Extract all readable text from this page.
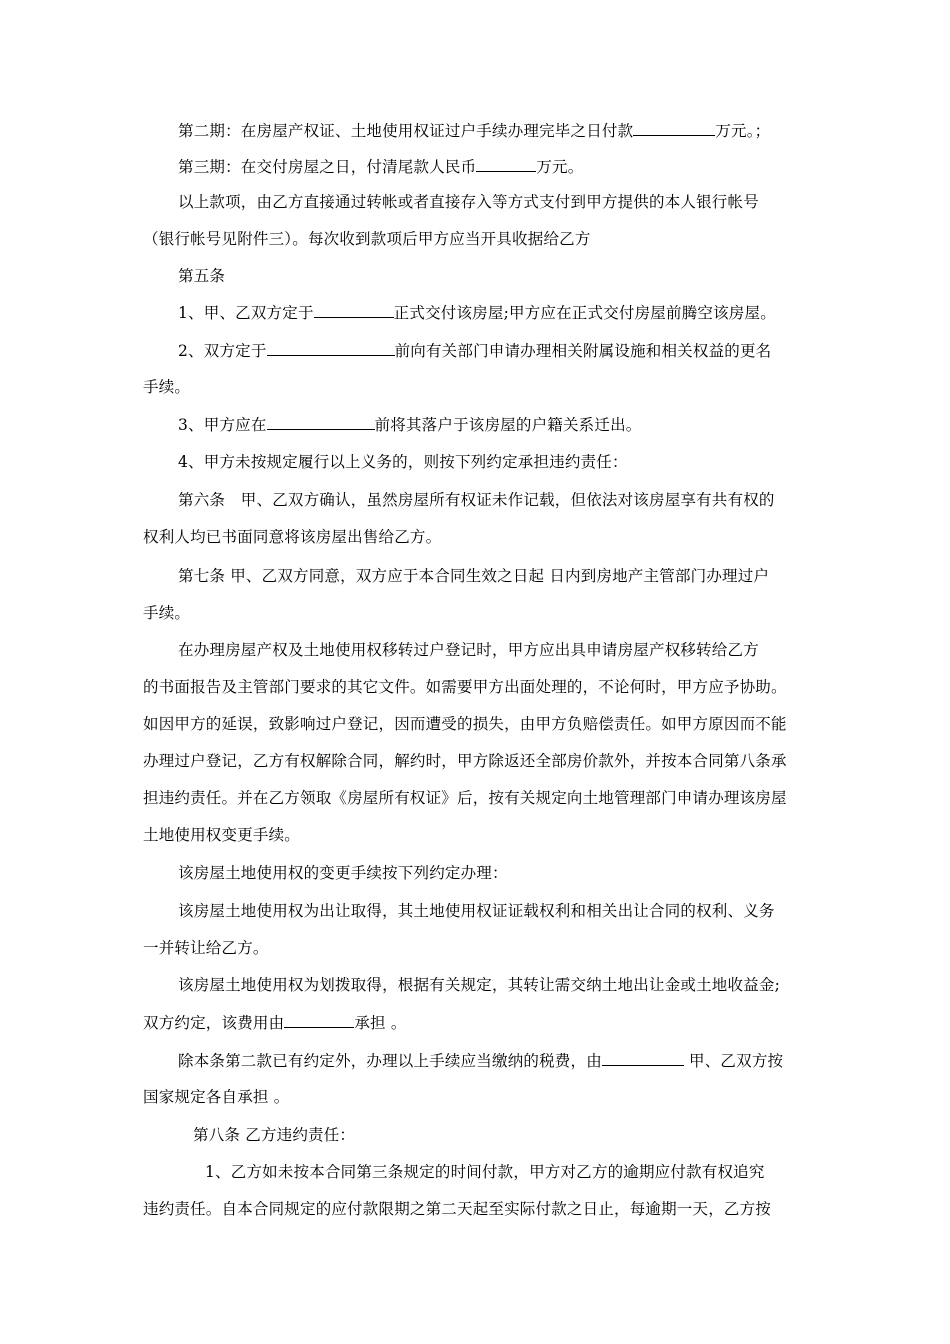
第二期：在房屋产权证、土地使用权证过户手续办理完毕之日付款	万元。；
第三期：在交付房屋之日，付清尾款人民币	万元。
以上款项，由乙方直接通过转帐或者直接存入等方式支付到甲方提供的本人银行帐号
（银行帐号见附件三）。每次收到款项后甲方应当开具收据给乙方
第五条
1、甲、乙双方定于	正式交付该房屋;甲方应在正式交付房屋前腾空该房屋。
2、双方定于	前向有关部门申请办理相关附属设施和相关权益的更名
手续。
3、甲方应在	前将其落户于该房屋的户籍关系迁出。
4、甲方未按规定履行以上义务的，则按下列约定承担违约责任：
第六条　甲、乙双方确认，虽然房屋所有权证未作记载，但依法对该房屋享有共有权的
权利人均已书面同意将该房屋出售给乙方。
第七条 甲、乙双方同意，双方应于本合同生效之日起 日内到房地产主管部门办理过户
手续。
在办理房屋产权及土地使用权移转过户登记时，甲方应出具申请房屋产权移转给乙方
的书面报告及主管部门要求的其它文件。如需要甲方出面处理的，不论何时，甲方应予协助。
如因甲方的延误，致影响过户登记，因而遭受的损失，由甲方负赔偿责任。如甲方原因而不能
办理过户登记，乙方有权解除合同，解约时，甲方除返还全部房价款外，并按本合同第八条承
担违约责任。并在乙方领取《房屋所有权证》后，按有关规定向土地管理部门申请办理该房屋
土地使用权变更手续。
该房屋土地使用权的变更手续按下列约定办理：
该房屋土地使用权为出让取得，其土地使用权证证载权利和相关出让合同的权利、义务
一并转让给乙方。
该房屋土地使用权为划拨取得，根据有关规定，其转让需交纳土地出让金或土地收益金;
双方约定，该费用由	承担 。
除本条第二款已有约定外，办理以上手续应当缴纳的税费，由	甲、乙双方按
国家规定各自承担 。
第八条 乙方违约责任：
1、乙方如未按本合同第三条规定的时间付款，甲方对乙方的逾期应付款有权追究
违约责任。自本合同规定的应付款限期之第二天起至实际付款之日止，每逾期一天，乙方按
